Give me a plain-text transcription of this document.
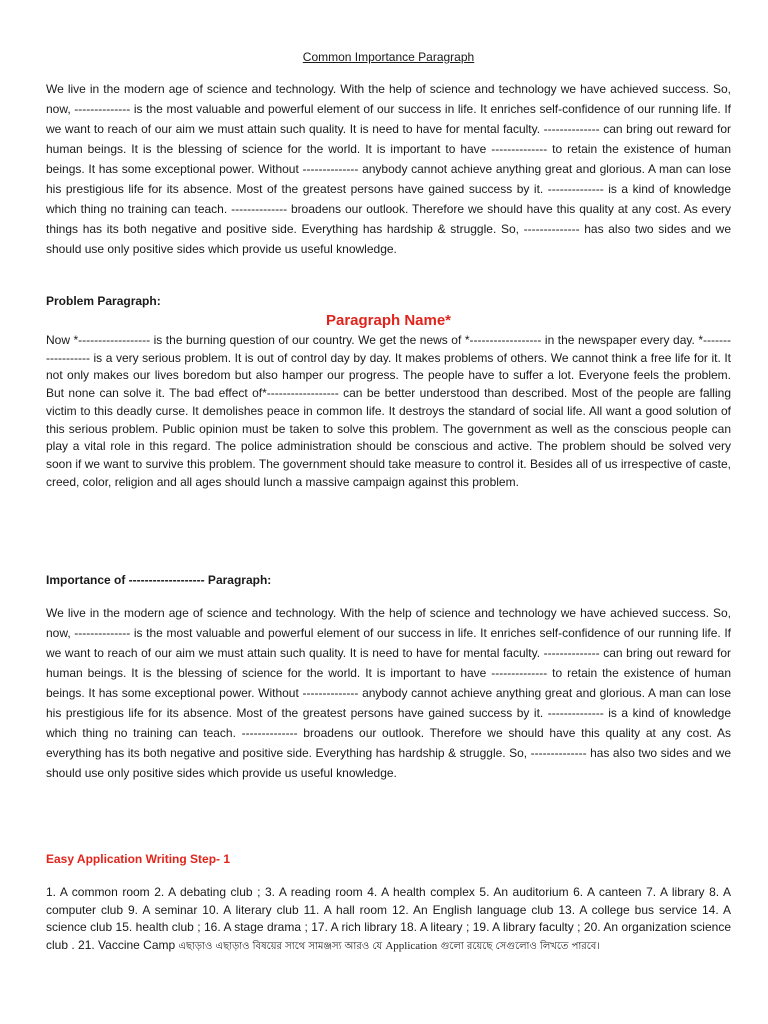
Common Importance Paragraph

We live in the modern age of science and technology. With the help of science and technology we have achieved success. So, now, -------------- is the most valuable and powerful element of our success in life. It enriches self-confidence of our running life. If we want to reach of our aim we must attain such quality. It is need to have for mental faculty. -------------- can bring out reward for human beings. It is the blessing of science for the world. It is important to have -------------- to retain the existence of human beings. It has some exceptional power. Without -------------- anybody cannot achieve anything great and glorious. A man can lose his prestigious life for its absence. Most of the greatest persons have gained success by it. -------------- is a kind of knowledge which thing no training can teach. -------------- broadens our outlook. Therefore we should have this quality at any cost. As every things has its both negative and positive side. Everything has hardship & struggle. So, -------------- has also two sides and we should use only positive sides which provide us useful knowledge.

Problem Paragraph:

Paragraph Name*

Now *------------------ is the burning question of our country. We get the news of *------------------ in the newspaper every day. *------------------ is a very serious problem. It is out of control day by day. It makes problems of others. We cannot think a free life for it. It not only makes our lives boredom but also hamper our progress. The people have to suffer a lot. Everyone feels the problem. But none can solve it. The bad effect of*------------------ can be better understood than described. Most of the people are falling victim to this deadly curse. It demolishes peace in common life. It destroys the standard of social life. All want a good solution of this serious problem. Public opinion must be taken to solve this problem. The government as well as the conscious people can play a vital role in this regard. The police administration should be conscious and active. The problem should be solved very soon if we want to survive this problem. The government should take measure to control it. Besides all of us irrespective of caste, creed, color, religion and all ages should lunch a massive campaign against this problem.

Importance of ------------------- Paragraph:

We live in the modern age of science and technology. With the help of science and technology we have achieved success. So, now, -------------- is the most valuable and powerful element of our success in life. It enriches self-confidence of our running life. If we want to reach of our aim we must attain such quality. It is need to have for mental faculty. -------------- can bring out reward for human beings. It is the blessing of science for the world. It is important to have -------------- to retain the existence of human beings. It has some exceptional power. Without -------------- anybody cannot achieve anything great and glorious. A man can lose his prestigious life for its absence. Most of the greatest persons have gained success by it. -------------- is a kind of knowledge which thing no training can teach. -------------- broadens our outlook. Therefore we should have this quality at any cost. As everything has its both negative and positive side. Everything has hardship & struggle. So, -------------- has also two sides and we should use only positive sides which provide us useful knowledge.

Easy Application Writing Step- 1

1. A common room 2. A debating club ; 3. A reading room 4. A health complex 5. An auditorium 6. A canteen 7. A library 8. A computer club 9. A seminar 10. A literary club 11. A hall room 12. An English language club 13. A college bus service 14. A science club 15. health club ; 16. A stage drama ; 17. A rich library 18. A liteary ; 19. A library faculty ; 20. An organization science club . 21. Vaccine Camp এছাড়াও এছাড়াও বিষয়ের সাথে সামঞ্জস্য আরও যে Application গুলো রয়েছে সেগুলোও লিখতে পারবে।
